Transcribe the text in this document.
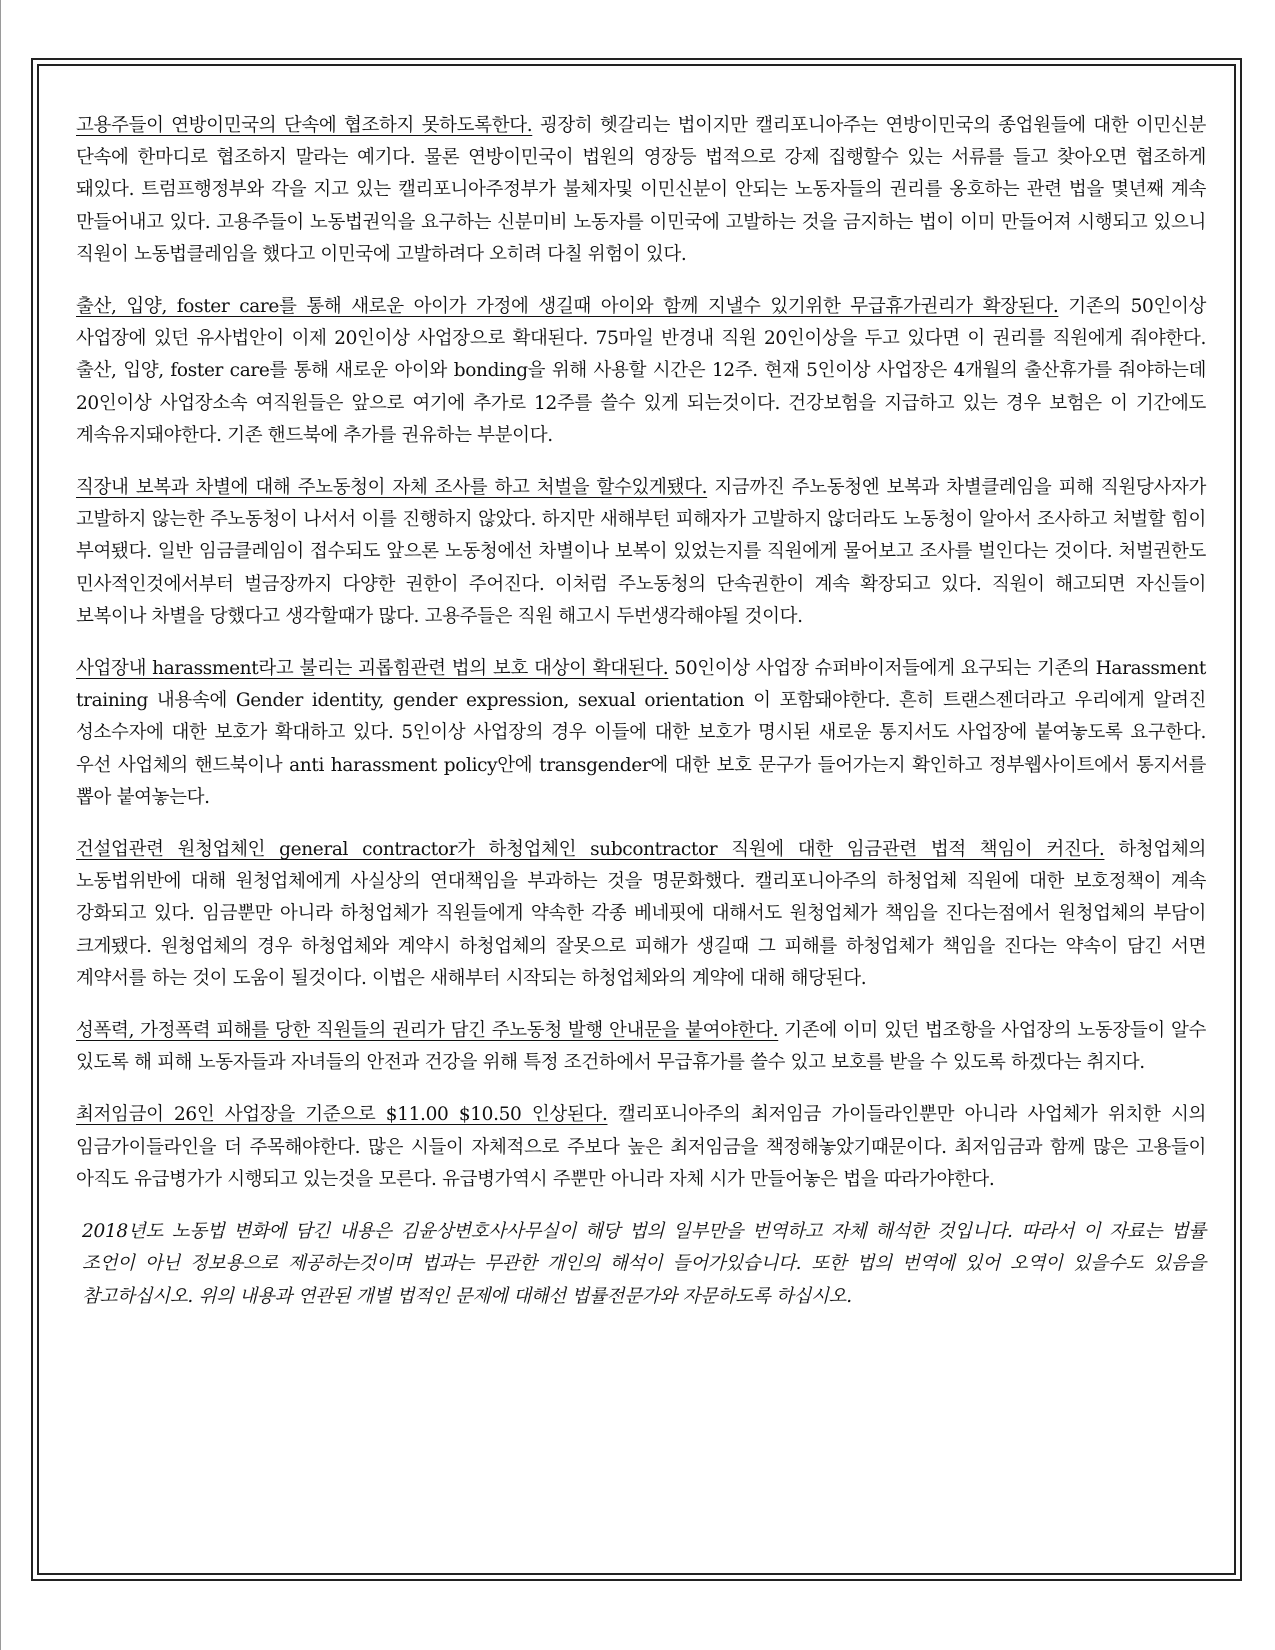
고용주들이 연방이민국의 단속에 협조하지 못하도록한다. 굉장히 헷갈리는 법이지만 캘리포니아주는 연방이민국의 종업원들에 대한 이민신분 단속에 한마디로 협조하지 말라는 예기다. 물론 연방이민국이 법원의 영장등 법적으로 강제 집행할수 있는 서류를 들고 찾아오면 협조하게 돼있다. 트럼프행정부와 각을 지고 있는 캘리포니아주정부가 불체자및 이민신분이 안되는 노동자들의 권리를 옹호하는 관련 법을 몇년째 계속 만들어내고 있다. 고용주들이 노동법권익을 요구하는 신분미비 노동자를 이민국에 고발하는 것을 금지하는 법이 이미 만들어져 시행되고 있으니 직원이 노동법클레임을 했다고 이민국에 고발하려다 오히려 다칠 위험이 있다.

출산, 입양, foster care를 통해 새로운 아이가 가정에 생길때 아이와 함께 지낼수 있기위한 무급휴가권리가 확장된다. 기존의 50인이상 사업장에 있던 유사법안이 이제 20인이상 사업장으로 확대된다. 75마일 반경내 직원 20인이상을 두고 있다면 이 권리를 직원에게 줘야한다. 출산, 입양, foster care를 통해 새로운 아이와 bonding을 위해 사용할 시간은 12주. 현재 5인이상 사업장은 4개월의 출산휴가를 줘야하는데 20인이상 사업장소속 여직원들은 앞으로 여기에 추가로 12주를 쓸수 있게 되는것이다. 건강보험을 지급하고 있는 경우 보험은 이 기간에도 계속유지돼야한다. 기존 핸드북에 추가를 권유하는 부분이다.

직장내 보복과 차별에 대해 주노동청이 자체 조사를 하고 처벌을 할수있게됐다. 지금까진 주노동청엔 보복과 차별클레임을 피해 직원당사자가 고발하지 않는한 주노동청이 나서서 이를 진행하지 않았다. 하지만 새해부턴 피해자가 고발하지 않더라도 노동청이 알아서 조사하고 처벌할 힘이 부여됐다. 일반 임금클레임이 접수되도 앞으론 노동청에선 차별이나 보복이 있었는지를 직원에게 물어보고 조사를 벌인다는 것이다. 처벌권한도 민사적인것에서부터 벌금장까지 다양한 권한이 주어진다. 이처럼 주노동청의 단속권한이 계속 확장되고 있다. 직원이 해고되면 자신들이 보복이나 차별을 당했다고 생각할때가 많다. 고용주들은 직원 해고시 두번생각해야될 것이다.

사업장내 harassment라고 불리는 괴롭힘관련 법의 보호 대상이 확대된다. 50인이상 사업장 슈퍼바이저들에게 요구되는 기존의 Harassment training 내용속에 Gender identity, gender expression, sexual orientation 이 포함돼야한다. 흔히 트랜스젠더라고 우리에게 알려진 성소수자에 대한 보호가 확대하고 있다. 5인이상 사업장의 경우 이들에 대한 보호가 명시된 새로운 통지서도 사업장에 붙여놓도록 요구한다. 우선 사업체의 핸드북이나 anti harassment policy안에 transgender에 대한 보호 문구가 들어가는지 확인하고 정부웹사이트에서 통지서를 뽑아 붙여놓는다.

건설업관련 원청업체인 general contractor가 하청업체인 subcontractor 직원에 대한 임금관련 법적 책임이 커진다. 하청업체의 노동법위반에 대해 원청업체에게 사실상의 연대책임을 부과하는 것을 명문화했다. 캘리포니아주의 하청업체 직원에 대한 보호정책이 계속 강화되고 있다. 임금뿐만 아니라 하청업체가 직원들에게 약속한 각종 베네핏에 대해서도 원청업체가 책임을 진다는점에서 원청업체의 부담이 크게됐다. 원청업체의 경우 하청업체와 계약시 하청업체의 잘못으로 피해가 생길때 그 피해를 하청업체가 책임을 진다는 약속이 담긴 서면 계약서를 하는 것이 도움이 될것이다. 이법은 새해부터 시작되는 하청업체와의 계약에 대해 해당된다.

성폭력, 가정폭력 피해를 당한 직원들의 권리가 담긴 주노동청 발행 안내문을 붙여야한다. 기존에 이미 있던 법조항을 사업장의 노동장들이 알수 있도록 해 피해 노동자들과 자녀들의 안전과 건강을 위해 특정 조건하에서 무급휴가를 쓸수 있고 보호를 받을 수 있도록 하겠다는 취지다.

최저임금이 26인 사업장을 기준으로 $11.00 $10.50 인상된다. 캘리포니아주의 최저임금 가이들라인뿐만 아니라 사업체가 위치한 시의 임금가이들라인을 더 주목해야한다. 많은 시들이 자체적으로 주보다 높은 최저임금을 책정해놓았기때문이다. 최저임금과 함께 많은 고용들이 아직도 유급병가가 시행되고 있는것을 모른다. 유급병가역시 주뿐만 아니라 자체 시가 만들어놓은 법을 따라가야한다.

2018년도 노동법 변화에 담긴 내용은 김윤상변호사사무실이 해당 법의 일부만을 번역하고 자체 해석한 것입니다. 따라서 이 자료는 법률 조언이 아닌 정보용으로 제공하는것이며 법과는 무관한 개인의 해석이 들어가있습니다. 또한 법의 번역에 있어 오역이 있을수도 있음을 참고하십시오. 위의 내용과 연관된 개별 법적인 문제에 대해선 법률전문가와 자문하도록 하십시오.
